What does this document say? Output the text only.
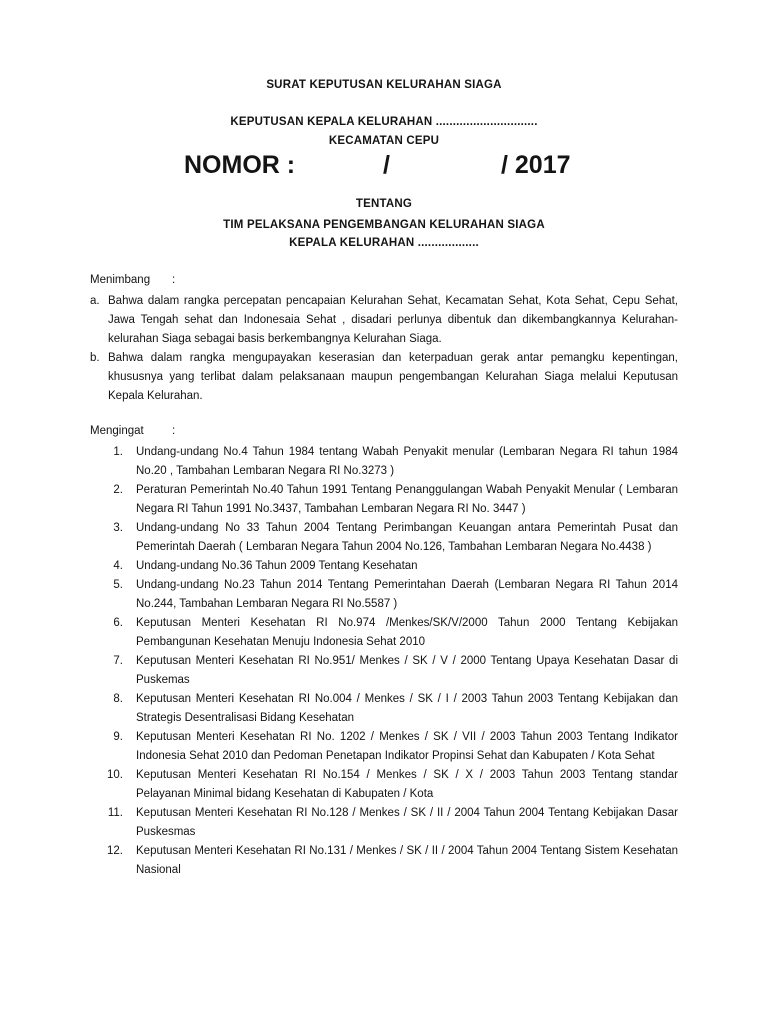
SURAT KEPUTUSAN KELURAHAN SIAGA
KEPUTUSAN KEPALA KELURAHAN ..............................
KECAMATAN CEPU
NOMOR :	/	/ 2017
TENTANG
TIM PELAKSANA PENGEMBANGAN KELURAHAN SIAGA
KEPALA KELURAHAN ..................
Menimbang :
a. Bahwa dalam rangka percepatan pencapaian Kelurahan Sehat, Kecamatan Sehat, Kota Sehat, Cepu Sehat, Jawa Tengah sehat dan Indonesaia Sehat , disadari perlunya dibentuk dan dikembangkannya Kelurahan-kelurahan Siaga sebagai basis berkembangnya Kelurahan Siaga.
b. Bahwa dalam rangka mengupayakan keserasian dan keterpaduan gerak antar pemangku kepentingan, khususnya yang terlibat dalam pelaksanaan maupun pengembangan Kelurahan Siaga melalui Keputusan Kepala Kelurahan.
Mengingat :
1. Undang-undang No.4 Tahun 1984 tentang Wabah Penyakit menular (Lembaran Negara RI tahun 1984 No.20 , Tambahan Lembaran Negara RI No.3273 )
2. Peraturan Pemerintah No.40 Tahun 1991 Tentang Penanggulangan Wabah Penyakit Menular ( Lembaran Negara RI Tahun 1991 No.3437, Tambahan Lembaran Negara RI No. 3447 )
3. Undang-undang No 33 Tahun 2004 Tentang Perimbangan Keuangan antara Pemerintah Pusat dan Pemerintah Daerah ( Lembaran Negara Tahun 2004 No.126, Tambahan Lembaran Negara No.4438 )
4. Undang-undang No.36 Tahun 2009 Tentang Kesehatan
5. Undang-undang No.23 Tahun 2014 Tentang Pemerintahan Daerah (Lembaran Negara RI Tahun 2014 No.244, Tambahan Lembaran Negara RI No.5587 )
6. Keputusan Menteri Kesehatan RI No.974 /Menkes/SK/V/2000 Tahun 2000 Tentang Kebijakan Pembangunan Kesehatan Menuju Indonesia Sehat 2010
7. Keputusan Menteri Kesehatan RI No.951/ Menkes / SK / V / 2000 Tentang Upaya Kesehatan Dasar di Puskemas
8. Keputusan Menteri Kesehatan RI No.004 / Menkes / SK / I / 2003 Tahun 2003 Tentang Kebijakan dan Strategis Desentralisasi Bidang Kesehatan
9. Keputusan Menteri Kesehatan RI No. 1202 / Menkes / SK / VII / 2003 Tahun 2003 Tentang Indikator Indonesia Sehat 2010 dan Pedoman Penetapan Indikator Propinsi Sehat dan Kabupaten / Kota Sehat
10. Keputusan Menteri Kesehatan RI No.154 / Menkes / SK / X / 2003 Tahun 2003 Tentang standar Pelayanan Minimal bidang Kesehatan di Kabupaten / Kota
11. Keputusan Menteri Kesehatan RI No.128 / Menkes / SK / II / 2004 Tahun 2004 Tentang Kebijakan Dasar Puskesmas
12. Keputusan Menteri Kesehatan RI No.131 / Menkes / SK / II / 2004 Tahun 2004 Tentang Sistem Kesehatan Nasional
